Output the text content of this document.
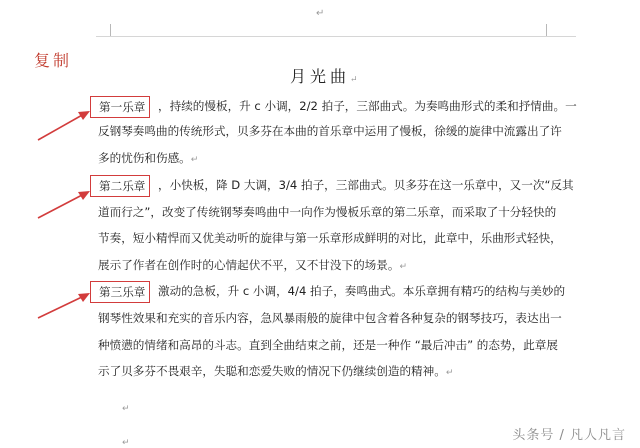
↵
复制
月光曲↵
第一乐章	，持续的慢板，升 c 小调，2/2 拍子，三部曲式。为奏鸣曲形式的柔和抒情曲。一
反钢琴奏鸣曲的传统形式，贝多芬在本曲的首乐章中运用了慢板，徐缓的旋律中流露出了许
多的忧伤和伤感。↵
第二乐章	，小快板，降 D 大调，3/4 拍子，三部曲式。贝多芬在这一乐章中，又一次“反其
道而行之”，改变了传统钢琴奏鸣曲中一向作为慢板乐章的第二乐章，而采取了十分轻快的
节奏，短小精悍而又优美动听的旋律与第一乐章形成鲜明的对比，此章中，乐曲形式轻快，
展示了作者在创作时的心情起伏不平，又不甘没下的场景。↵
第三乐章	激动的急板，升 c 小调，4/4 拍子，奏鸣曲式。本乐章拥有精巧的结构与美妙的
钢琴性效果和充实的音乐内容，急风暴雨般的旋律中包含着各种复杂的钢琴技巧，表达出一
种愤懑的情绪和高昂的斗志。直到全曲结束之前，还是一种作 “最后冲击” 的态势，此章展
示了贝多芬不畏艰辛，失聪和恋爱失败的情况下仍继续创造的精神。↵
↵
↵	头条号 / 凡人凡言
